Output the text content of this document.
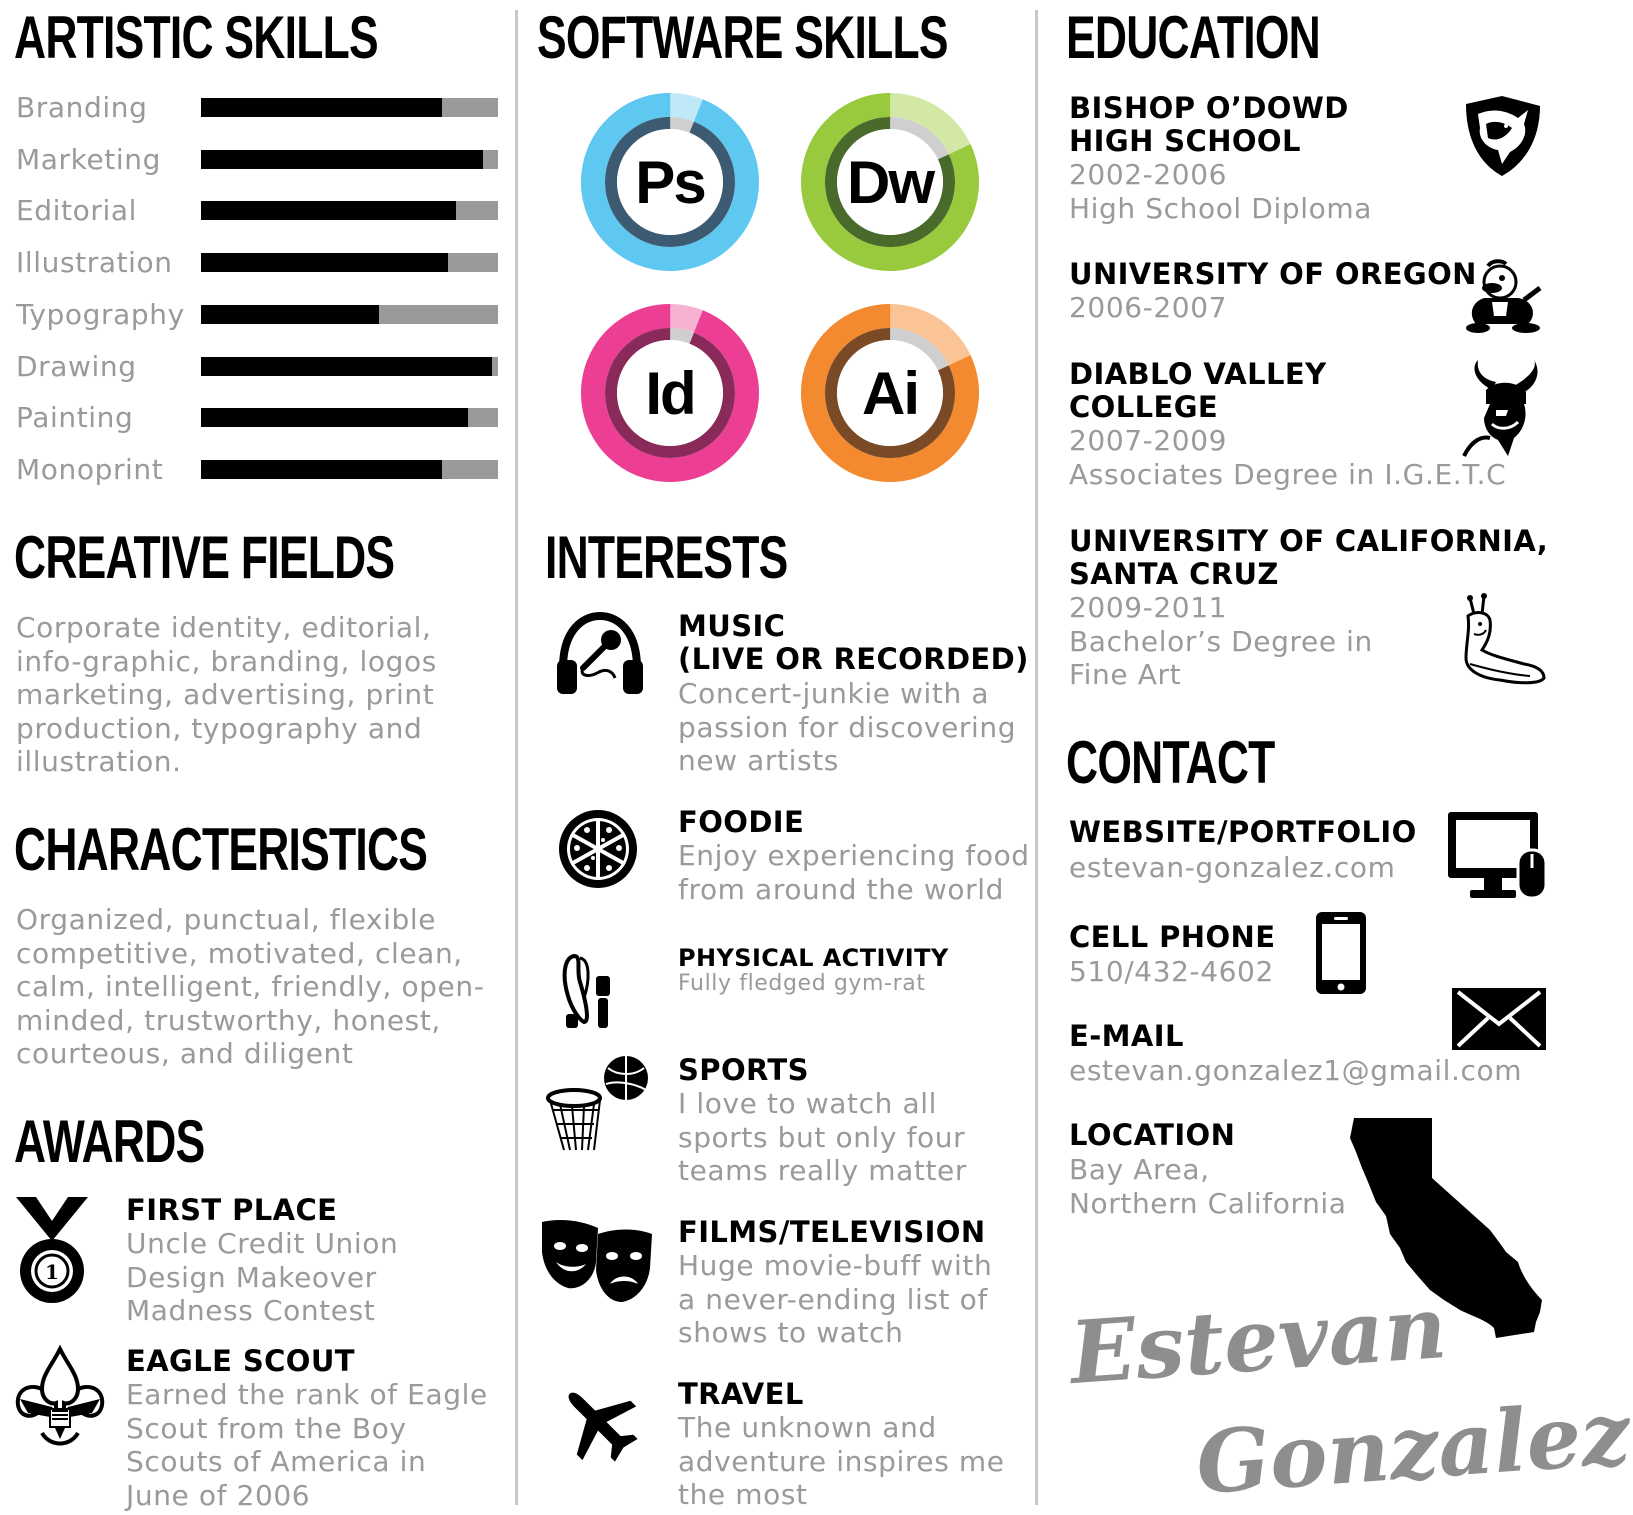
ARTISTIC SKILLS
Branding
Marketing
Editorial
Illustration
Typography
Drawing
Painting
Monoprint
CREATIVE FIELDS
Corporate identity, editorial,
info-graphic, branding, logos
marketing, advertising, print
production, typography and
illustration.
CHARACTERISTICS
Organized, punctual, flexible
competitive, motivated, clean,
calm, intelligent, friendly, open-
minded, trustworthy, honest,
courteous, and diligent
AWARDS
1
FIRST PLACE
Uncle Credit Union
Design Makeover
Madness Contest
EAGLE SCOUT
Earned the rank of Eagle
Scout from the Boy
Scouts of America in
June of 2006
SOFTWARE SKILLS
Ps	Dw
Id	Ai
INTERESTS
MUSIC
(LIVE OR RECORDED)
Concert-junkie with a
passion for discovering
new artists
FOODIE
Enjoy experiencing food
from around the world
PHYSICAL ACTIVITY
Fully fledged gym-rat
SPORTS
I love to watch all
sports but only four
teams really matter
FILMS/TELEVISION
Huge movie-buff with
a never-ending list of
shows to watch
TRAVEL
The unknown and
adventure inspires me
the most
EDUCATION
BISHOP O’DOWD
HIGH SCHOOL
2002-2006
High School Diploma
UNIVERSITY OF OREGON
2006-2007
DIABLO VALLEY
COLLEGE
2007-2009
Associates Degree in I.G.E.T.C
UNIVERSITY OF CALIFORNIA,
SANTA CRUZ
2009-2011
Bachelor’s Degree in
Fine Art
CONTACT
WEBSITE/PORTFOLIO
estevan-gonzalez.com
CELL PHONE
510/432-4602
E-MAIL
estevan.gonzalez1@gmail.com
LOCATION
Bay Area,
Northern California
Estevan
Gonzalez
